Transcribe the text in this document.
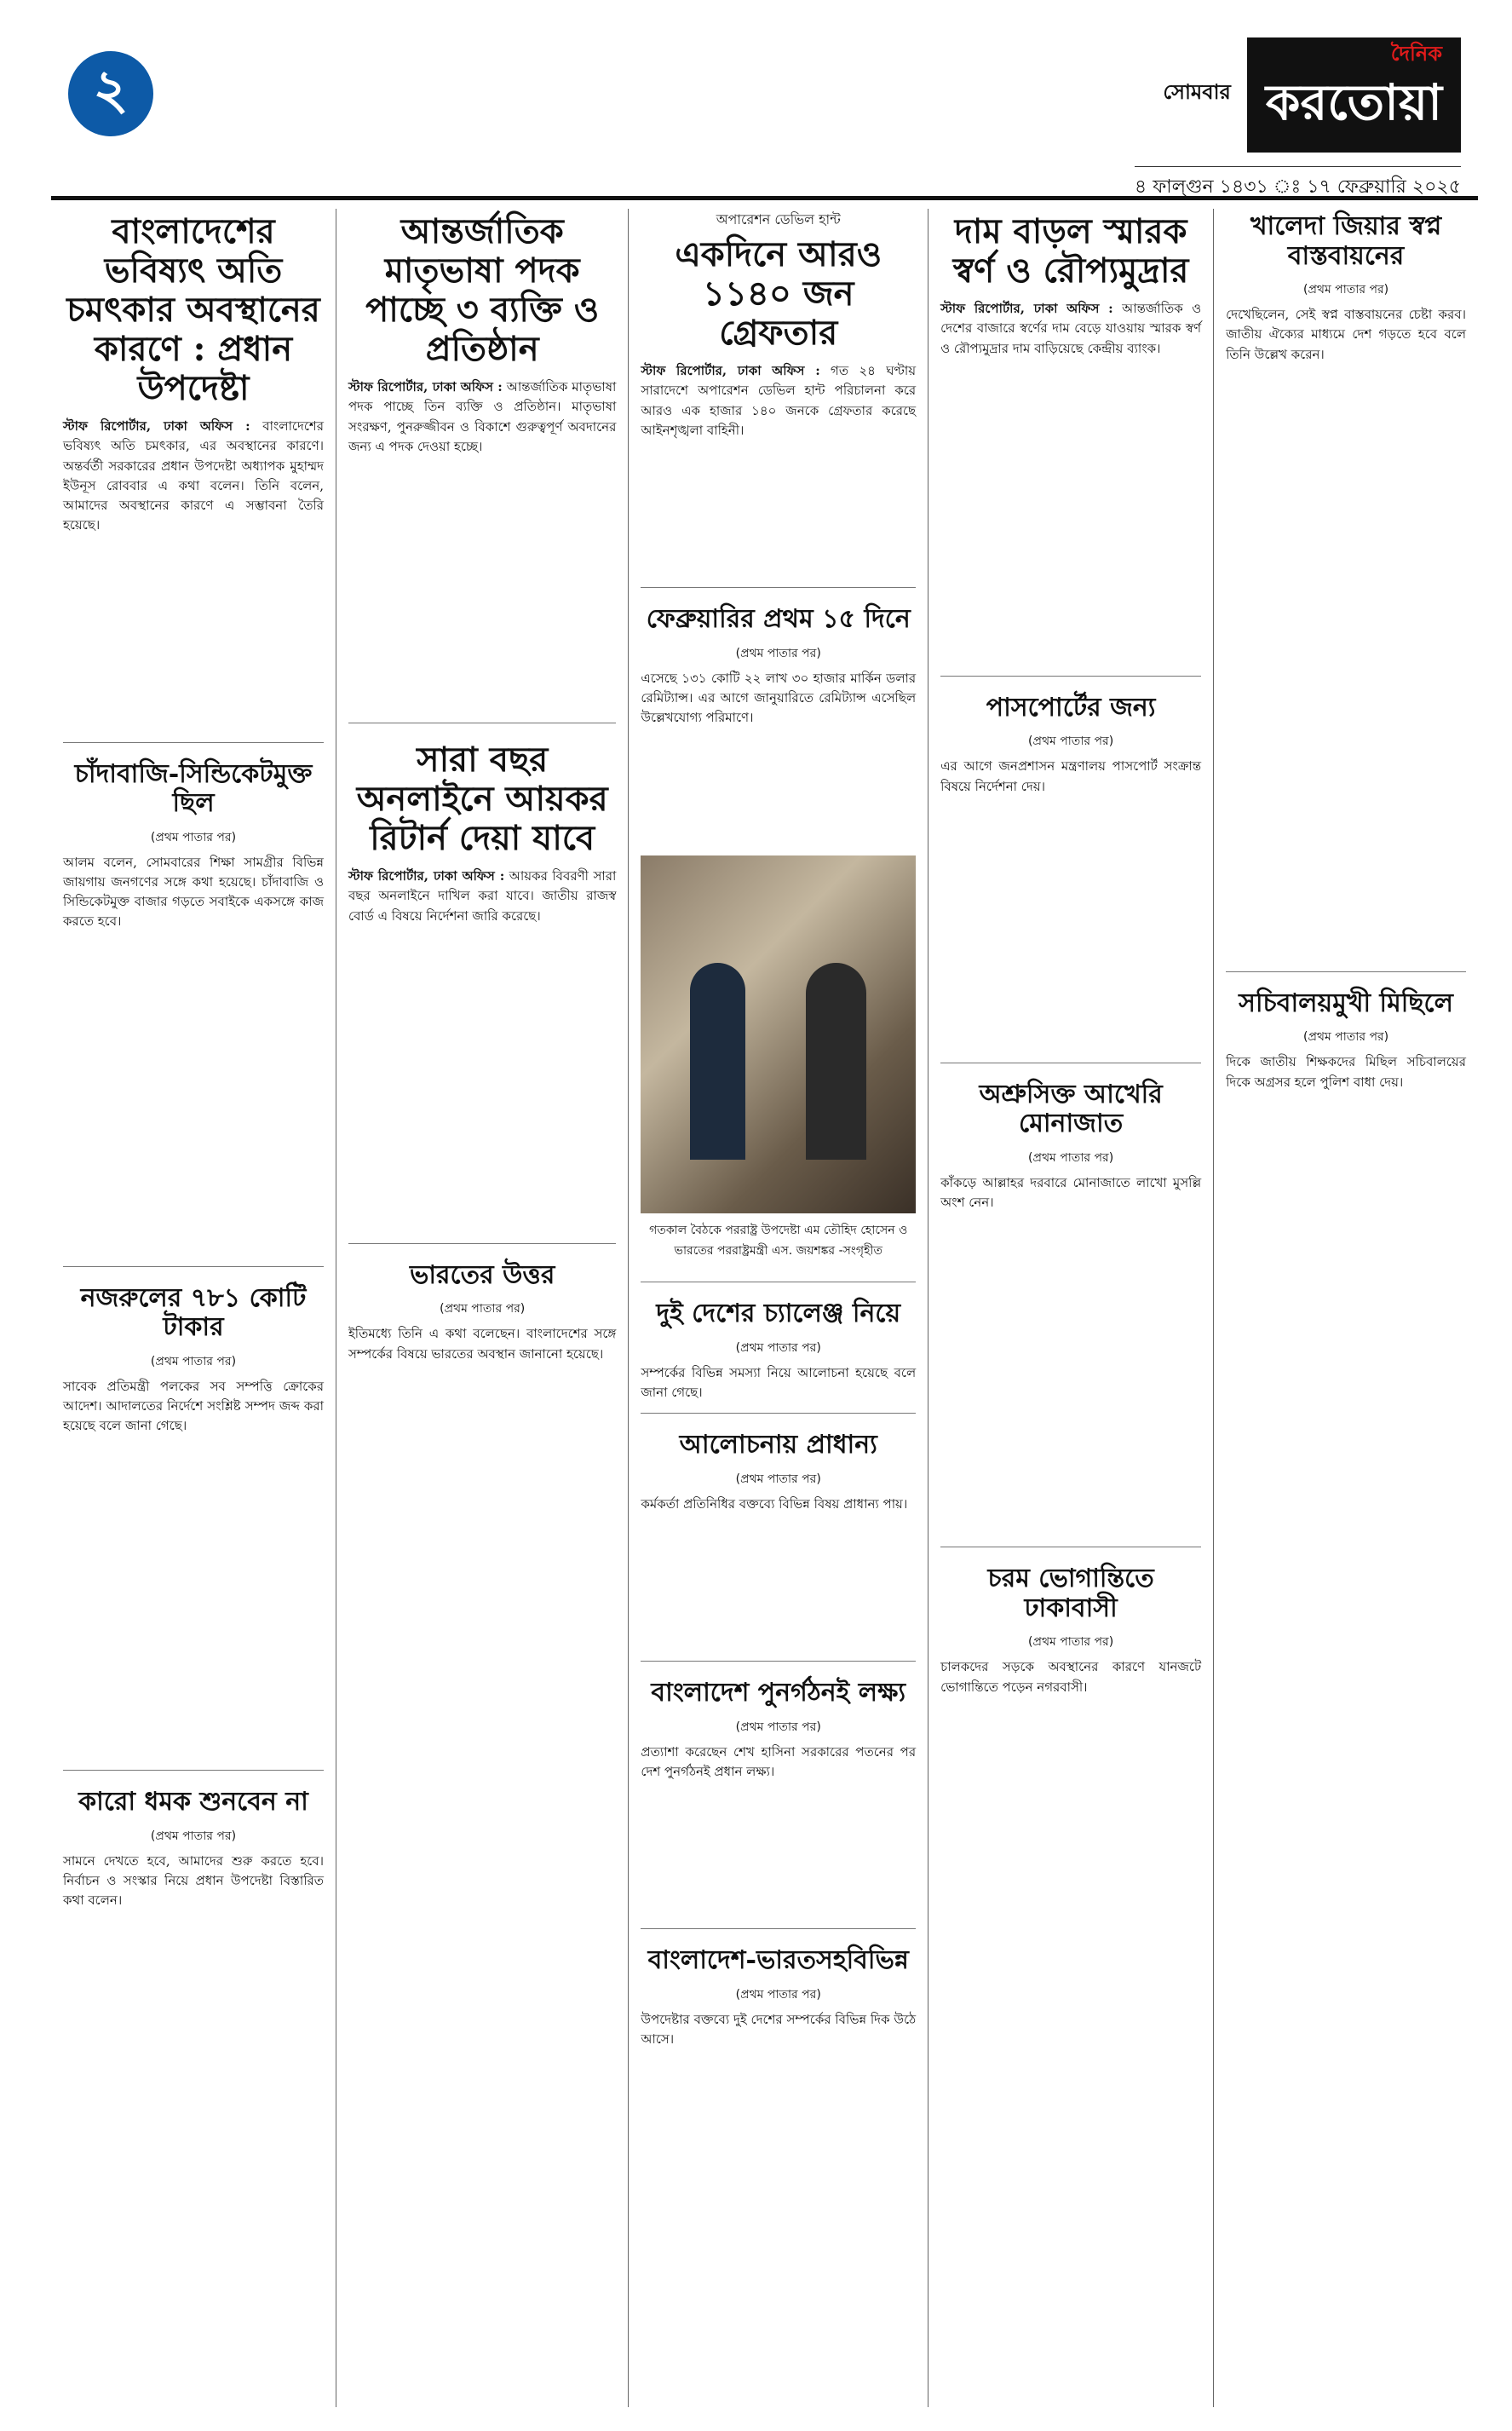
২	সোমবার
দৈনিক
করতোয়া
৪ ফাল্গুন ১৪৩১ ঃ ১৭ ফেব্রুয়ারি ২০২৫
বাংলাদেশের ভবিষ্যৎ অতি চমৎকার অবস্থানের কারণে : প্রধান উপদেষ্টা

স্টাফ রিপোর্টার, ঢাকা অফিস : বাংলাদেশের ভবিষ্যৎ অতি চমৎকার, এর অবস্থানের কারণে। অন্তর্বর্তী সরকারের প্রধান উপদেষ্টা অধ্যাপক মুহাম্মদ ইউনূস রোববার এ কথা বলেন। তিনি বলেন, আমাদের অবস্থানের কারণে এ সম্ভাবনা তৈরি হয়েছে।

চাঁদাবাজি-সিন্ডিকেটমুক্ত ছিল

(প্রথম পাতার পর)

আলম বলেন, সোমবারের শিক্ষা সামগ্রীর বিভিন্ন জায়গায় জনগণের সঙ্গে কথা হয়েছে। চাঁদাবাজি ও সিন্ডিকেটমুক্ত বাজার গড়তে সবাইকে একসঙ্গে কাজ করতে হবে।

নজরুলের ৭৮১ কোটি টাকার

(প্রথম পাতার পর)

সাবেক প্রতিমন্ত্রী পলকের সব সম্পত্তি ক্রোকের আদেশ। আদালতের নির্দেশে সংশ্লিষ্ট সম্পদ জব্দ করা হয়েছে বলে জানা গেছে।

কারো ধমক শুনবেন না

(প্রথম পাতার পর)

সামনে দেখতে হবে, আমাদের শুরু করতে হবে। নির্বাচন ও সংস্কার নিয়ে প্রধান উপদেষ্টা বিস্তারিত কথা বলেন।

আন্তর্জাতিক মাতৃভাষা পদক পাচ্ছে ৩ ব্যক্তি ও প্রতিষ্ঠান

স্টাফ রিপোর্টার, ঢাকা অফিস : আন্তর্জাতিক মাতৃভাষা পদক পাচ্ছে তিন ব্যক্তি ও প্রতিষ্ঠান। মাতৃভাষা সংরক্ষণ, পুনরুজ্জীবন ও বিকাশে গুরুত্বপূর্ণ অবদানের জন্য এ পদক দেওয়া হচ্ছে।

সারা বছর অনলাইনে আয়কর রিটার্ন দেয়া যাবে

স্টাফ রিপোর্টার, ঢাকা অফিস : আয়কর বিবরণী সারা বছর অনলাইনে দাখিল করা যাবে। জাতীয় রাজস্ব বোর্ড এ বিষয়ে নির্দেশনা জারি করেছে।

ভারতের উত্তর

(প্রথম পাতার পর)

ইতিমধ্যে তিনি এ কথা বলেছেন। বাংলাদেশের সঙ্গে সম্পর্কের বিষয়ে ভারতের অবস্থান জানানো হয়েছে।

অপারেশন ডেভিল হান্ট
একদিনে আরও ১১৪০ জন গ্রেফতার

স্টাফ রিপোর্টার, ঢাকা অফিস : গত ২৪ ঘণ্টায় সারাদেশে অপারেশন ডেভিল হান্ট পরিচালনা করে আরও এক হাজার ১৪০ জনকে গ্রেফতার করেছে আইনশৃঙ্খলা বাহিনী।

ফেব্রুয়ারির প্রথম ১৫ দিনে

(প্রথম পাতার পর)

এসেছে ১৩১ কোটি ২২ লাখ ৩০ হাজার মার্কিন ডলার রেমিট্যান্স। এর আগে জানুয়ারিতে রেমিট্যান্স এসেছিল উল্লেখযোগ্য পরিমাণে।

গতকাল বৈঠকে পররাষ্ট্র উপদেষ্টা এম তৌহিদ হোসেন ও ভারতের পররাষ্ট্রমন্ত্রী এস. জয়শঙ্কর -সংগৃহীত
দুই দেশের চ্যালেঞ্জ নিয়ে

(প্রথম পাতার পর)

সম্পর্কের বিভিন্ন সমস্যা নিয়ে আলোচনা হয়েছে বলে জানা গেছে।

আলোচনায় প্রাধান্য

(প্রথম পাতার পর)

কর্মকর্তা প্রতিনিধির বক্তব্যে বিভিন্ন বিষয় প্রাধান্য পায়।

বাংলাদেশ পুনর্গঠনই লক্ষ্য

(প্রথম পাতার পর)

প্রত্যাশা করেছেন শেখ হাসিনা সরকারের পতনের পর দেশ পুনর্গঠনই প্রধান লক্ষ্য।

বাংলাদেশ-ভারতসহবিভিন্ন

(প্রথম পাতার পর)

উপদেষ্টার বক্তব্যে দুই দেশের সম্পর্কের বিভিন্ন দিক উঠে আসে।

দাম বাড়ল স্মারক স্বর্ণ ও রৌপ্যমুদ্রার

স্টাফ রিপোর্টার, ঢাকা অফিস : আন্তর্জাতিক ও দেশের বাজারে স্বর্ণের দাম বেড়ে যাওয়ায় স্মারক স্বর্ণ ও রৌপ্যমুদ্রার দাম বাড়িয়েছে কেন্দ্রীয় ব্যাংক।

পাসপোর্টের জন্য

(প্রথম পাতার পর)

এর আগে জনপ্রশাসন মন্ত্রণালয় পাসপোর্ট সংক্রান্ত বিষয়ে নির্দেশনা দেয়।

অশ্রুসিক্ত আখেরি মোনাজাত

(প্রথম পাতার পর)

কাঁকড়ে আল্লাহর দরবারে মোনাজাতে লাখো মুসল্লি অংশ নেন।

চরম ভোগান্তিতে ঢাকাবাসী

(প্রথম পাতার পর)

চালকদের সড়কে অবস্থানের কারণে যানজটে ভোগান্তিতে পড়েন নগরবাসী।

খালেদা জিয়ার স্বপ্ন বাস্তবায়নের

(প্রথম পাতার পর)

দেখেছিলেন, সেই স্বপ্ন বাস্তবায়নের চেষ্টা করব। জাতীয় ঐক্যের মাধ্যমে দেশ গড়তে হবে বলে তিনি উল্লেখ করেন।

সচিবালয়মুখী মিছিলে

(প্রথম পাতার পর)

দিকে জাতীয় শিক্ষকদের মিছিল সচিবালয়ের দিকে অগ্রসর হলে পুলিশ বাধা দেয়।
